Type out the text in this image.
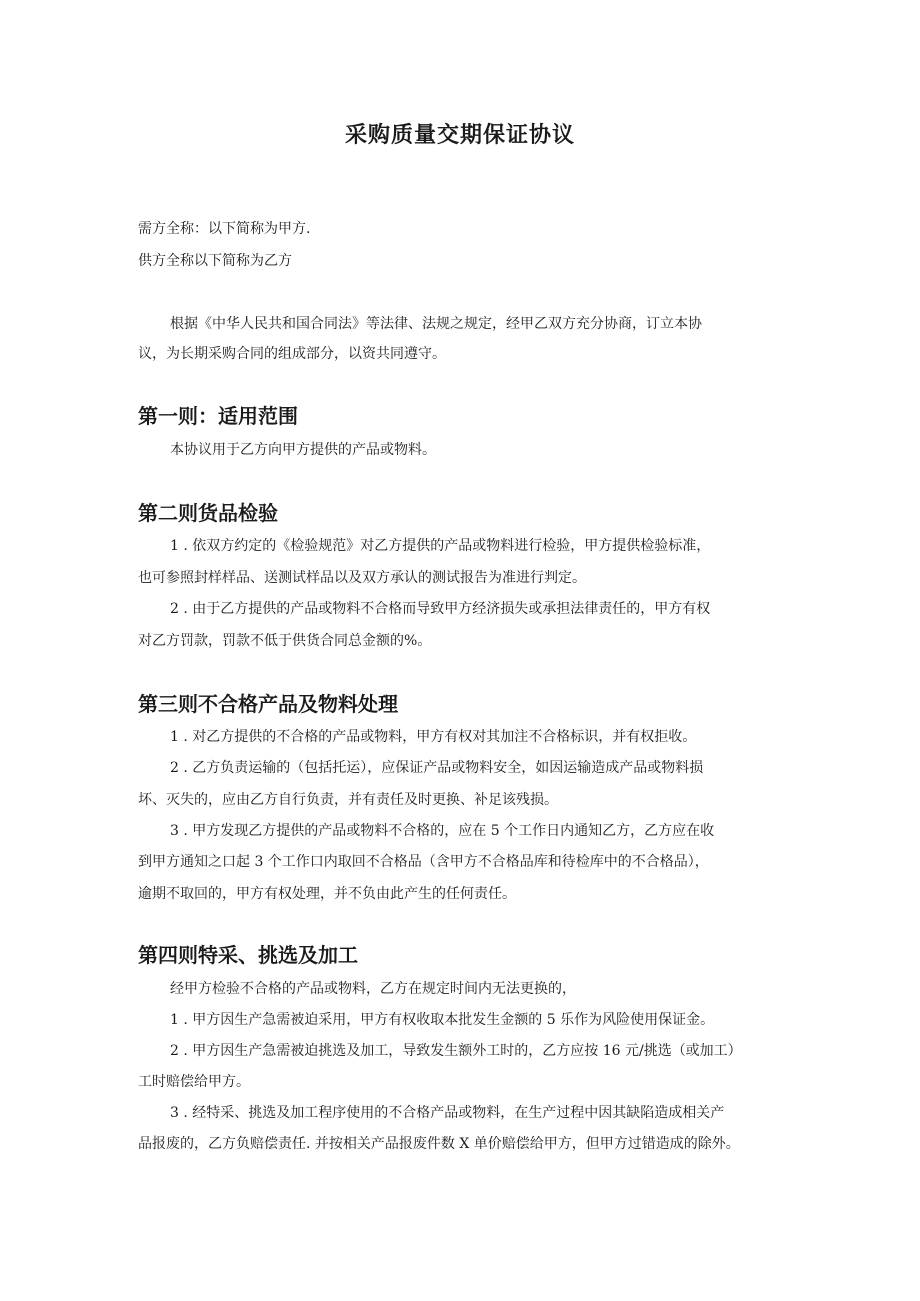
采购质量交期保证协议

需方全称：以下简称为甲方.

供方全称以下简称为乙方

根据《中华人民共和国合同法》等法律、法规之规定，经甲乙双方充分协商，订立本协

议，为长期采购合同的组成部分，以资共同遵守。

第一则：适用范围

本协议用于乙方向甲方提供的产品或物料。

第二则货品检验

1 . 依双方约定的《检验规范》对乙方提供的产品或物料进行检验，甲方提供检验标准，

也可参照封样样品、送测试样品以及双方承认的测试报告为准进行判定。

2 . 由于乙方提供的产品或物料不合格而导致甲方经济损失或承担法律责任的，甲方有权

对乙方罚款，罚款不低于供货合同总金额的%。

第三则不合格产品及物料处理

1 . 对乙方提供的不合格的产品或物料，甲方有权对其加注不合格标识，并有权拒收。

2 . 乙方负责运输的（包括托运），应保证产品或物料安全，如因运输造成产品或物料损

坏、灭失的，应由乙方自行负责，并有责任及时更换、补足该残损。

3 . 甲方发现乙方提供的产品或物料不合格的，应在 5 个工作日内通知乙方，乙方应在收

到甲方通知之口起 3 个工作口内取回不合格品（含甲方不合格品库和待检库中的不合格品），

逾期不取回的，甲方有权处理，并不负由此产生的任何责任。

第四则特采、挑选及加工

经甲方检验不合格的产品或物料，乙方在规定时间内无法更换的，

1 . 甲方因生产急需被迫采用，甲方有权收取本批发生金额的 5 乐作为风险使用保证金。

2 . 甲方因生产急需被迫挑选及加工，导致发生额外工时的，乙方应按 16 元/挑选（或加工）

工时赔偿给甲方。

3 . 经特采、挑选及加工程序使用的不合格产品或物料，在生产过程中因其缺陷造成相关产

品报废的，乙方负赔偿责任. 并按相关产品报废件数 X 单价赔偿给甲方，但甲方过错造成的除外。
